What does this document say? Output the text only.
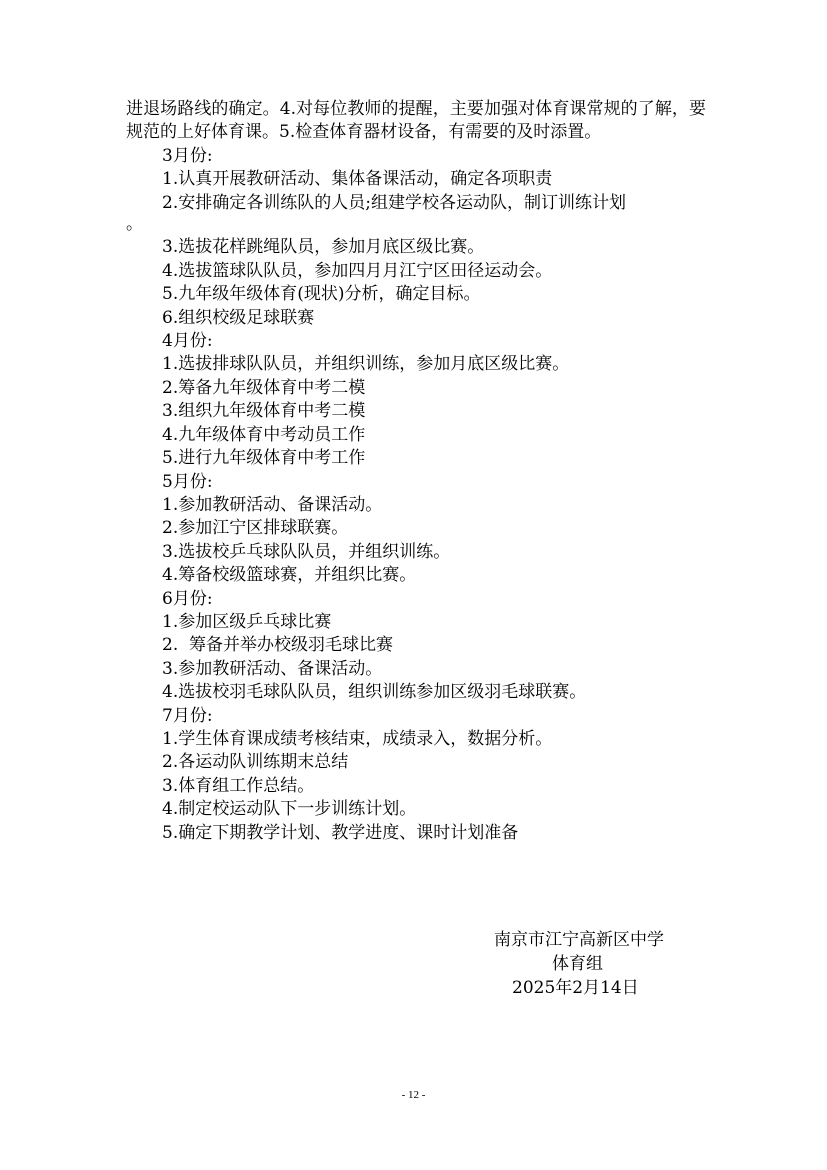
进退场路线的确定。4.对每位教师的提醒，主要加强对体育课常规的了解，要规范的上好体育课。5.检查体育器材设备，有需要的及时添置。

3月份:

1.认真开展教研活动、集体备课活动，确定各项职责

2.安排确定各训练队的人员;组建学校各运动队，制订训练计划

。

3.选拔花样跳绳队员，参加月底区级比赛。

4.选拔篮球队队员，参加四月月江宁区田径运动会。

5.九年级年级体育(现状)分析，确定目标。

6.组织校级足球联赛

4月份:

1.选拔排球队队员，并组织训练，参加月底区级比赛。

2.筹备九年级体育中考二模

3.组织九年级体育中考二模

4.九年级体育中考动员工作

5.进行九年级体育中考工作

5月份:

1.参加教研活动、备课活动。

2.参加江宁区排球联赛。

3.选拔校乒乓球队队员，并组织训练。

4.筹备校级篮球赛，并组织比赛。

6月份:

1.参加区级乒乓球比赛

2.  筹备并举办校级羽毛球比赛

3.参加教研活动、备课活动。

4.选拔校羽毛球队队员，组织训练参加区级羽毛球联赛。

7月份:

1.学生体育课成绩考核结束，成绩录入，数据分析。

2.各运动队训练期末总结

3.体育组工作总结。

4.制定校运动队下一步训练计划。

5.确定下期教学计划、教学进度、课时计划准备

南京市江宁高新区中学
体育组
2025年2月14日
- 12 -
